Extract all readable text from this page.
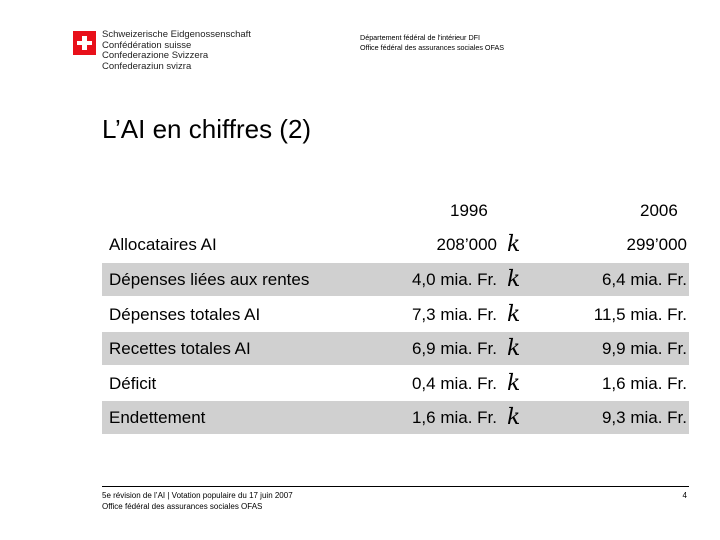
Schweizerische Eidgenossenschaft
Confédération suisse
Confederazione Svizzera
Confederaziun svizra
Département fédéral de l'intérieur DFI
Office fédéral des assurances sociales OFAS
L’AI en chiffres (2)
1996	2006
Allocataires AI	208’000 k	299’000
Dépenses liées aux rentes	4,0 mia. Fr. k	6,4 mia. Fr.
Dépenses totales AI	7,3 mia. Fr. k	11,5 mia. Fr.
Recettes totales AI	6,9 mia. Fr. k	9,9 mia. Fr.
Déficit	0,4 mia. Fr. k	1,6 mia. Fr.
Endettement	1,6 mia. Fr. k	9,3 mia. Fr.
5e révision de l’AI | Votation populaire du 17 juin 2007
Office fédéral des assurances sociales OFAS
4
